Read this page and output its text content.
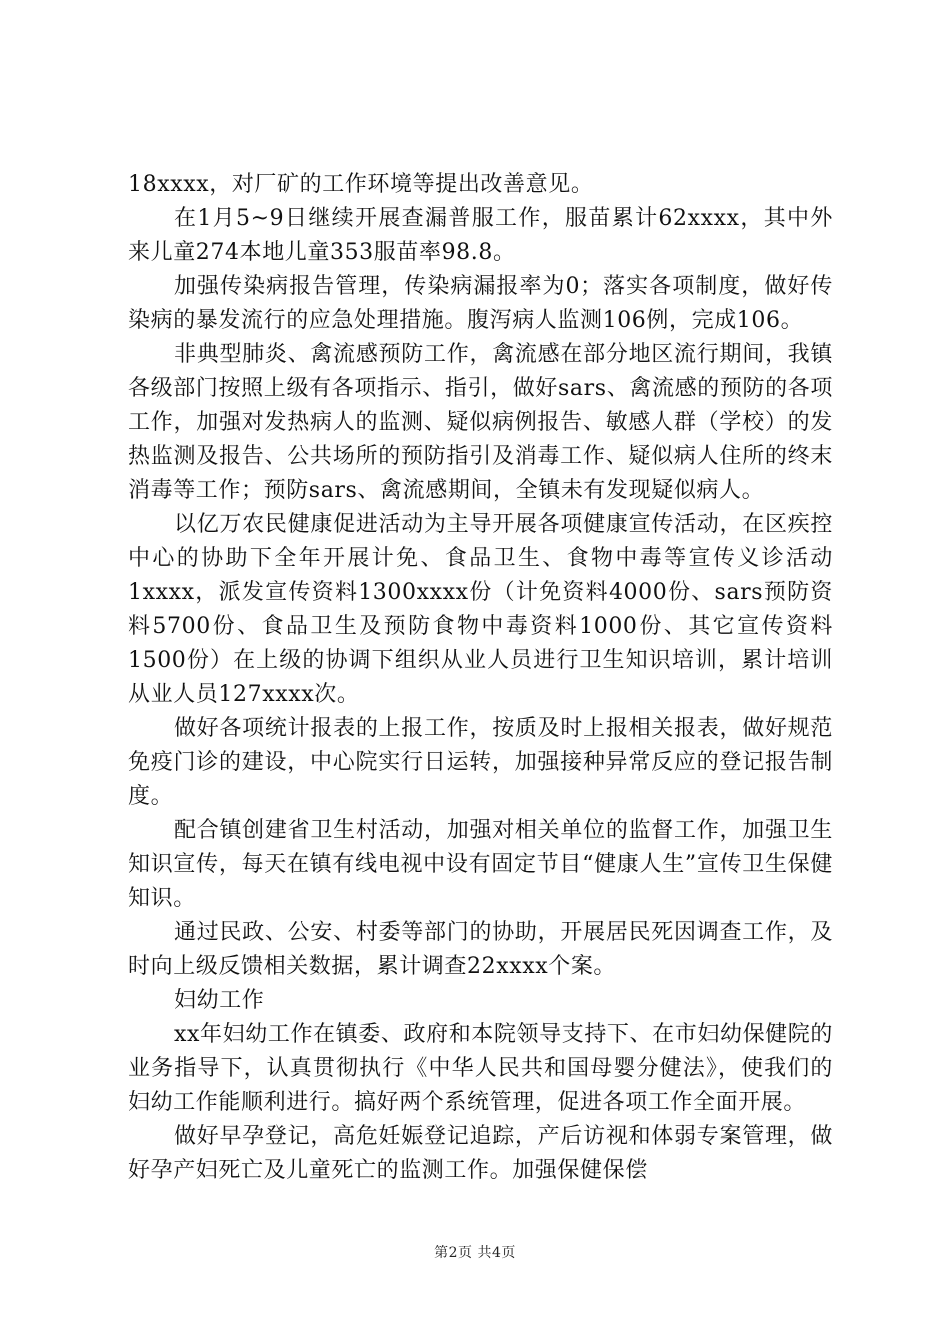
18xxxx，对厂矿的工作环境等提出改善意见。

在1月5~9日继续开展查漏普服工作，服苗累计62xxxx，其中外来儿童274本地儿童353服苗率98.8。

加强传染病报告管理，传染病漏报率为0；落实各项制度，做好传染病的暴发流行的应急处理措施。腹泻病人监测106例，完成106。

非典型肺炎、禽流感预防工作，禽流感在部分地区流行期间，我镇各级部门按照上级有各项指示、指引，做好sars、禽流感的预防的各项工作，加强对发热病人的监测、疑似病例报告、敏感人群（学校）的发热监测及报告、公共场所的预防指引及消毒工作、疑似病人住所的终末消毒等工作；预防sars、禽流感期间，全镇未有发现疑似病人。

以亿万农民健康促进活动为主导开展各项健康宣传活动，在区疾控中心的协助下全年开展计免、食品卫生、食物中毒等宣传义诊活动1xxxx，派发宣传资料1300xxxx份（计免资料4000份、sars预防资料5700份、食品卫生及预防食物中毒资料1000份、其它宣传资料1500份）在上级的协调下组织从业人员进行卫生知识培训，累计培训从业人员127xxxx次。

做好各项统计报表的上报工作，按质及时上报相关报表，做好规范免疫门诊的建设，中心院实行日运转，加强接种异常反应的登记报告制度。

配合镇创建省卫生村活动，加强对相关单位的监督工作，加强卫生知识宣传，每天在镇有线电视中设有固定节目“健康人生”宣传卫生保健知识。

通过民政、公安、村委等部门的协助，开展居民死因调查工作，及时向上级反馈相关数据，累计调查22xxxx个案。

妇幼工作

xx年妇幼工作在镇委、政府和本院领导支持下、在市妇幼保健院的业务指导下，认真贯彻执行《中华人民共和国母婴分健法》，使我们的妇幼工作能顺利进行。搞好两个系统管理，促进各项工作全面开展。

做好早孕登记，高危妊娠登记追踪，产后访视和体弱专案管理，做好孕产妇死亡及儿童死亡的监测工作。加强保健保偿

第2页 共4页
